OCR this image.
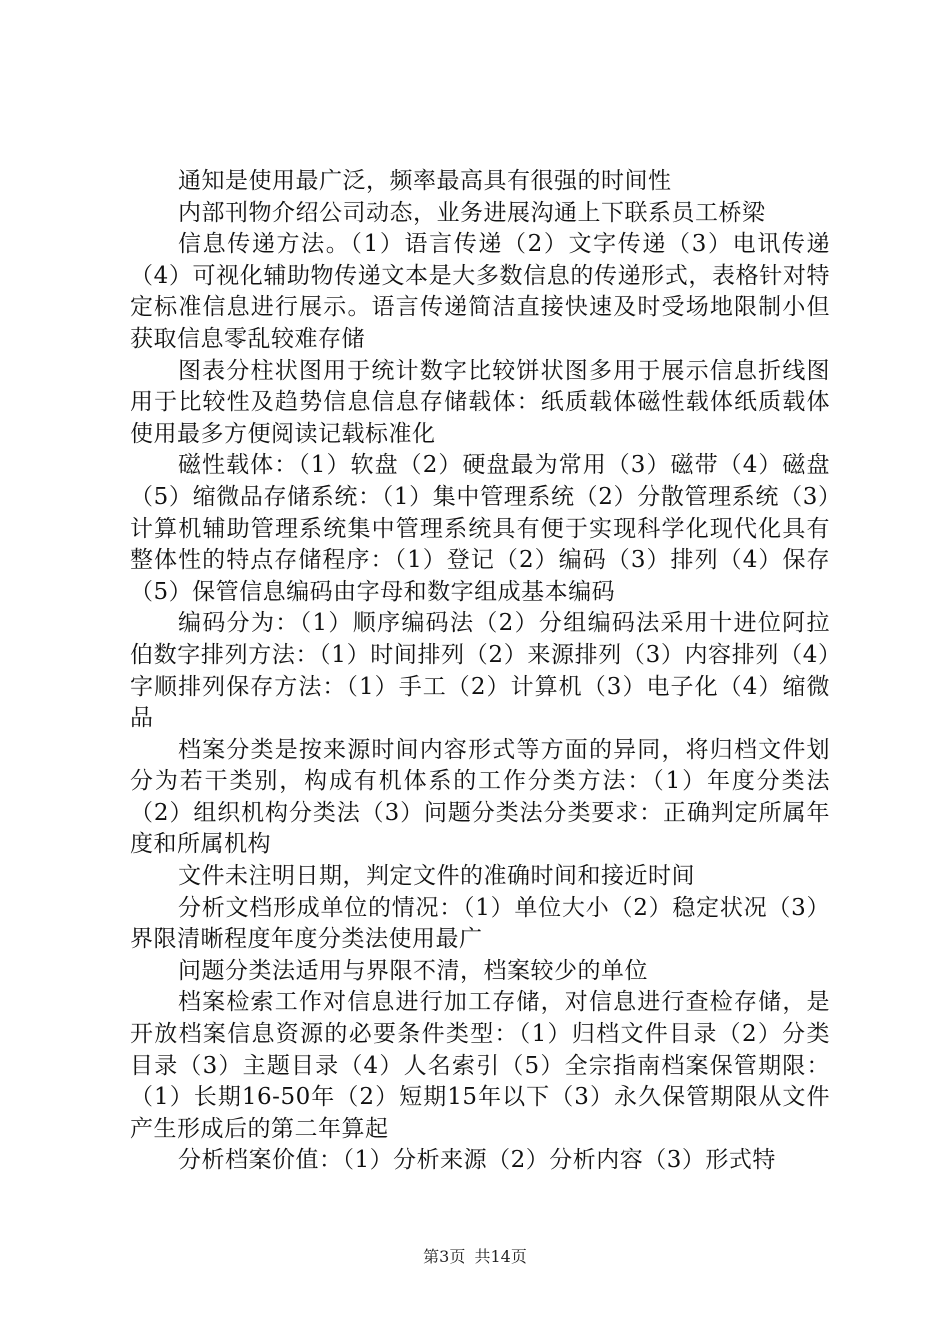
通知是使用最广泛，频率最高具有很强的时间性

内部刊物介绍公司动态，业务进展沟通上下联系员工桥梁

信息传递方法。（1）语言传递（2）文字传递（3）电讯传递（4）可视化辅助物传递文本是大多数信息的传递形式，表格针对特定标准信息进行展示。语言传递简洁直接快速及时受场地限制小但获取信息零乱较难存储

图表分柱状图用于统计数字比较饼状图多用于展示信息折线图用于比较性及趋势信息信息存储载体：纸质载体磁性载体纸质载体使用最多方便阅读记载标准化

磁性载体：（1）软盘（2）硬盘最为常用（3）磁带（4）磁盘（5）缩微品存储系统：（1）集中管理系统（2）分散管理系统（3）计算机辅助管理系统集中管理系统具有便于实现科学化现代化具有整体性的特点存储程序：（1）登记（2）编码（3）排列（4）保存（5）保管信息编码由字母和数字组成基本编码

编码分为：（1）顺序编码法（2）分组编码法采用十进位阿拉伯数字排列方法：（1）时间排列（2）来源排列（3）内容排列（4）字顺排列保存方法：（1）手工（2）计算机（3）电子化（4）缩微品

档案分类是按来源时间内容形式等方面的异同，将归档文件划分为若干类别，构成有机体系的工作分类方法：（1）年度分类法（2）组织机构分类法（3）问题分类法分类要求：正确判定所属年度和所属机构

文件未注明日期，判定文件的准确时间和接近时间

分析文档形成单位的情况：（1）单位大小（2）稳定状况（3）界限清晰程度年度分类法使用最广

问题分类法适用与界限不清，档案较少的单位

档案检索工作对信息进行加工存储，对信息进行查检存储，是开放档案信息资源的必要条件类型：（1）归档文件目录（2）分类目录（3）主题目录（4）人名索引（5）全宗指南档案保管期限：（1）长期16-50年（2）短期15年以下（3）永久保管期限从文件产生形成后的第二年算起

分析档案价值：（1）分析来源（2）分析内容（3）形式特

第3页 共14页
